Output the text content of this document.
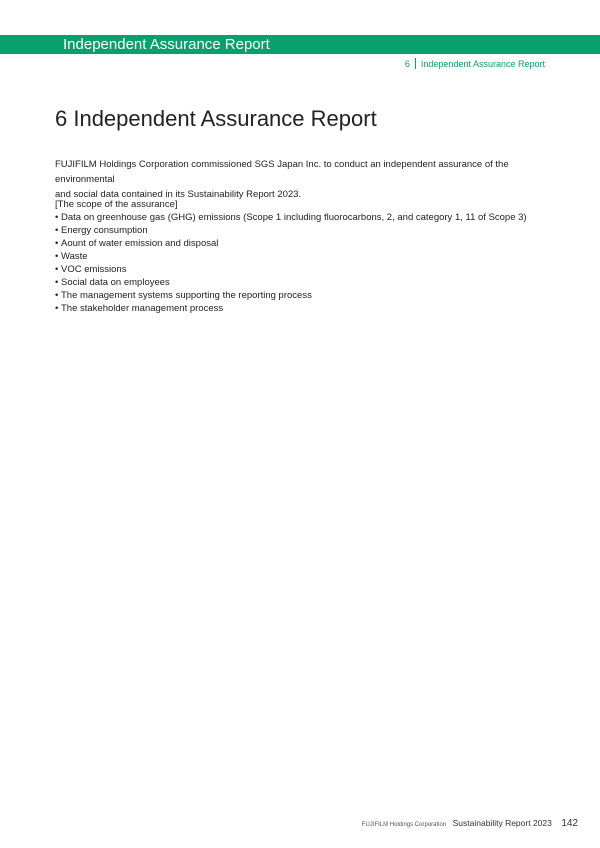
Independent Assurance Report
6 Independent Assurance Report
6 Independent Assurance Report
FUJIFILM Holdings Corporation commissioned SGS Japan Inc. to conduct an independent assurance of the environmental
and social data contained in its Sustainability Report 2023.
[The scope of the assurance]
• Data on greenhouse gas (GHG) emissions (Scope 1 including fluorocarbons, 2, and category 1, 11 of Scope 3)
• Energy consumption
• Aount of water emission and disposal
• Waste
• VOC emissions
• Social data on employees
• The management systems supporting the reporting process
• The stakeholder management process
FUJIFILM Holdings Corporation Sustainability Report 2023 142
